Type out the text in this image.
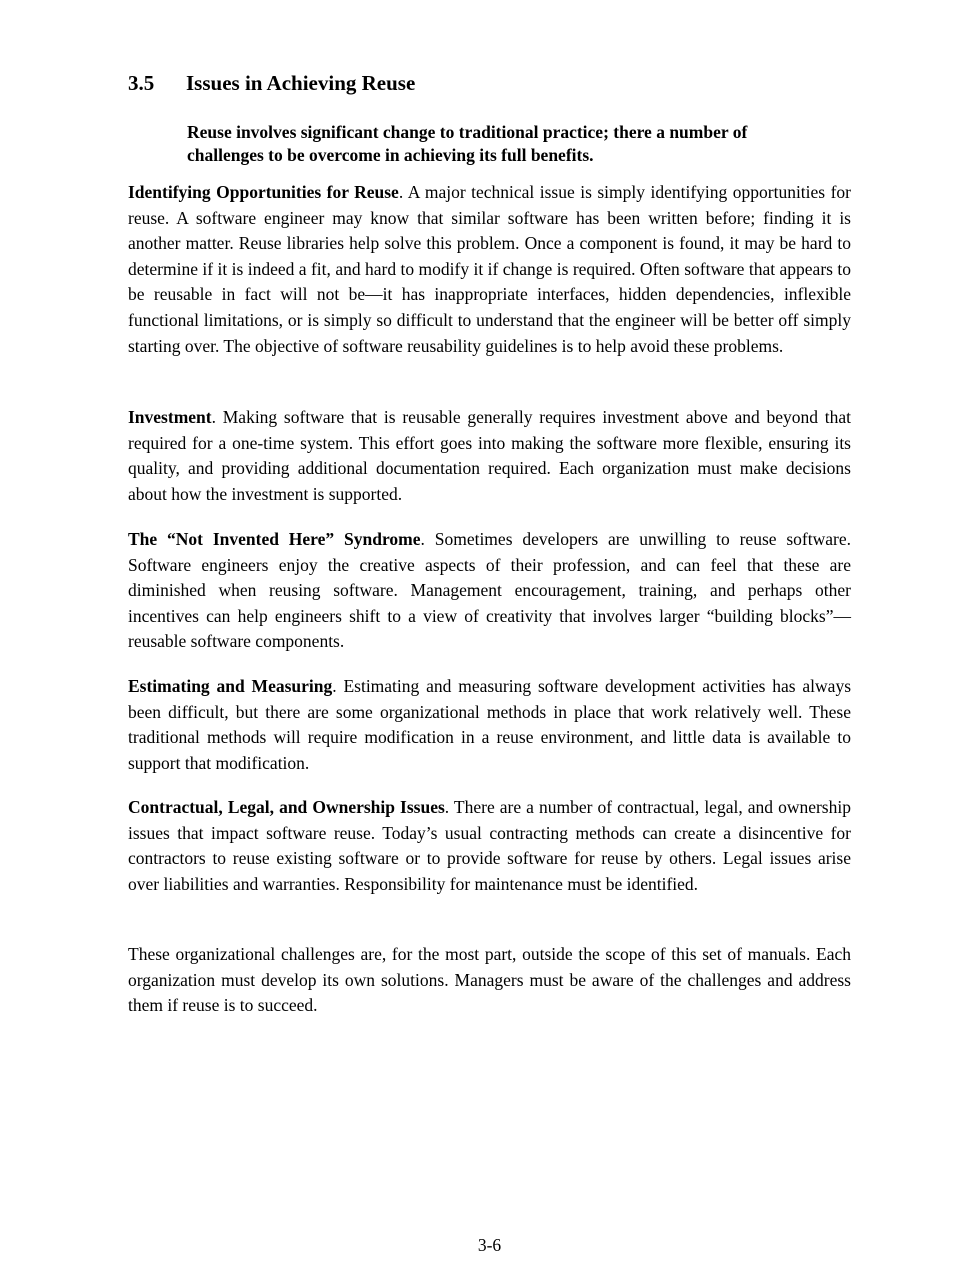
3.5 Issues in Achieving Reuse

Reuse involves significant change to traditional practice; there a number of challenges to be overcome in achieving its full benefits.

Identifying Opportunities for Reuse. A major technical issue is simply identifying opportunities for reuse. A software engineer may know that similar software has been written before; finding it is another matter. Reuse libraries help solve this problem. Once a component is found, it may be hard to determine if it is indeed a fit, and hard to modify it if change is required. Often software that appears to be reusable in fact will not be—it has inappropriate interfaces, hidden dependencies, inflexible functional limitations, or is simply so difficult to understand that the engineer will be better off simply starting over. The objective of software reusability guidelines is to help avoid these problems.

Investment. Making software that is reusable generally requires investment above and beyond that required for a one-time system. This effort goes into making the software more flexible, ensuring its quality, and providing additional documentation required. Each organization must make decisions about how the investment is supported.

The “Not Invented Here” Syndrome. Sometimes developers are unwilling to reuse software. Software engineers enjoy the creative aspects of their profession, and can feel that these are diminished when reusing software. Management encouragement, training, and perhaps other incentives can help engineers shift to a view of creativity that involves larger “building blocks”—reusable software components.

Estimating and Measuring. Estimating and measuring software development activities has always been difficult, but there are some organizational methods in place that work relatively well. These traditional methods will require modification in a reuse environment, and little data is available to support that modification.

Contractual, Legal, and Ownership Issues. There are a number of contractual, legal, and ownership issues that impact software reuse. Today’s usual contracting methods can create a disincentive for contractors to reuse existing software or to provide software for reuse by others. Legal issues arise over liabilities and warranties. Responsibility for maintenance must be identified.

These organizational challenges are, for the most part, outside the scope of this set of manuals. Each organization must develop its own solutions. Managers must be aware of the challenges and address them if reuse is to succeed.

3-6
